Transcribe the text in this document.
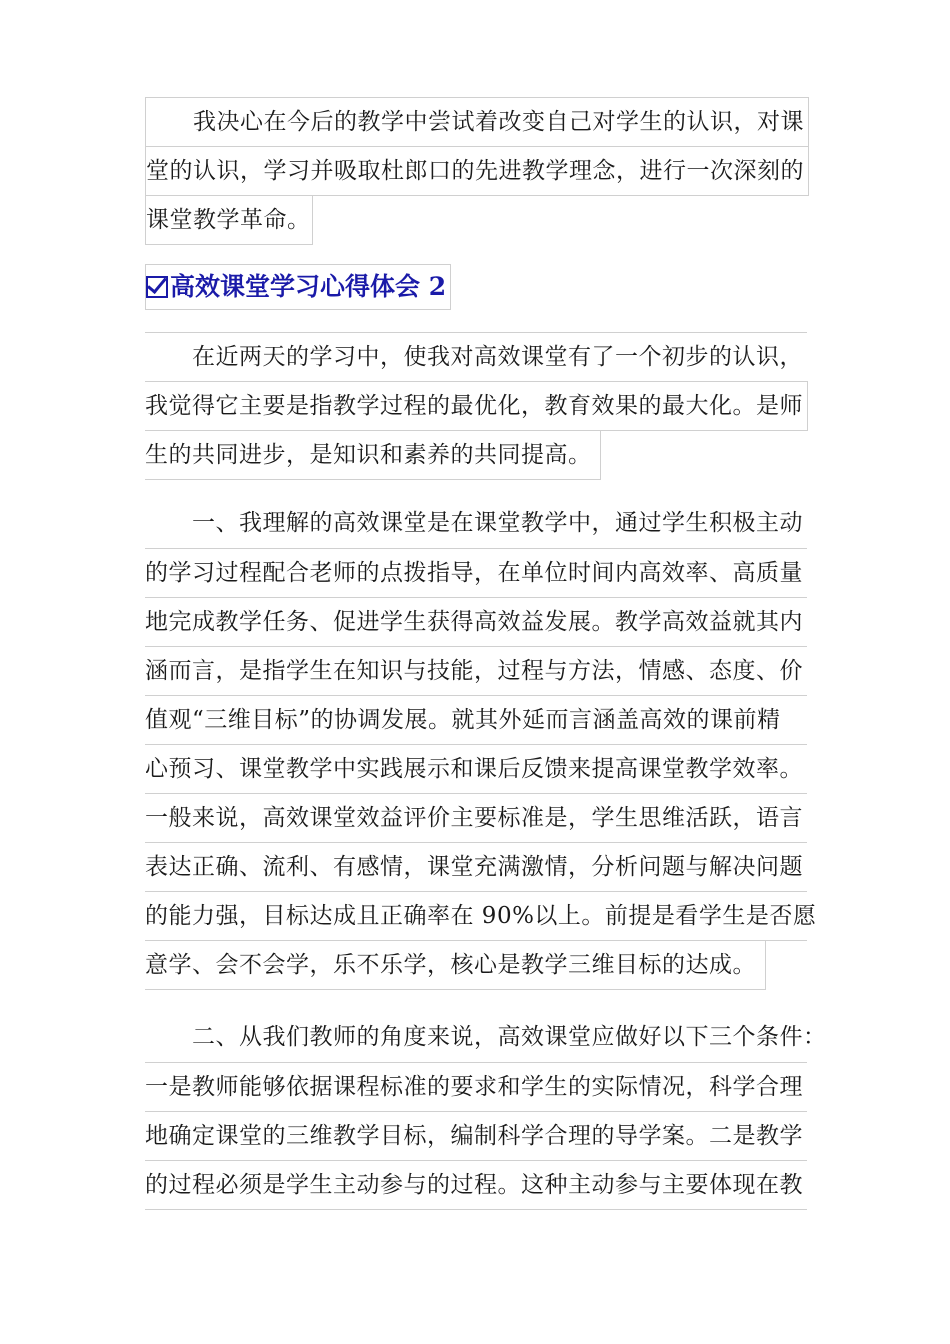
　　我决心在今后的教学中尝试着改变自己对学生的认识，对课
堂的认识，学习并吸取杜郎口的先进教学理念，进行一次深刻的
课堂教学革命。
高效课堂学习心得体会 2
　　在近两天的学习中，使我对高效课堂有了一个初步的认识，
我觉得它主要是指教学过程的最优化，教育效果的最大化。是师
生的共同进步，是知识和素养的共同提高。
　　一、我理解的高效课堂是在课堂教学中，通过学生积极主动
的学习过程配合老师的点拨指导，在单位时间内高效率、高质量
地完成教学任务、促进学生获得高效益发展。教学高效益就其内
涵而言，是指学生在知识与技能，过程与方法，情感、态度、价
值观“三维目标”的协调发展。就其外延而言涵盖高效的课前精
心预习、课堂教学中实践展示和课后反馈来提高课堂教学效率。
一般来说，高效课堂效益评价主要标准是，学生思维活跃，语言
表达正确、流利、有感情，课堂充满激情，分析问题与解决问题
的能力强，目标达成且正确率在 90%以上。前提是看学生是否愿
意学、会不会学，乐不乐学，核心是教学三维目标的达成。
　　二、从我们教师的角度来说，高效课堂应做好以下三个条件：
一是教师能够依据课程标准的要求和学生的实际情况，科学合理
地确定课堂的三维教学目标，编制科学合理的导学案。二是教学
的过程必须是学生主动参与的过程。这种主动参与主要体现在教
